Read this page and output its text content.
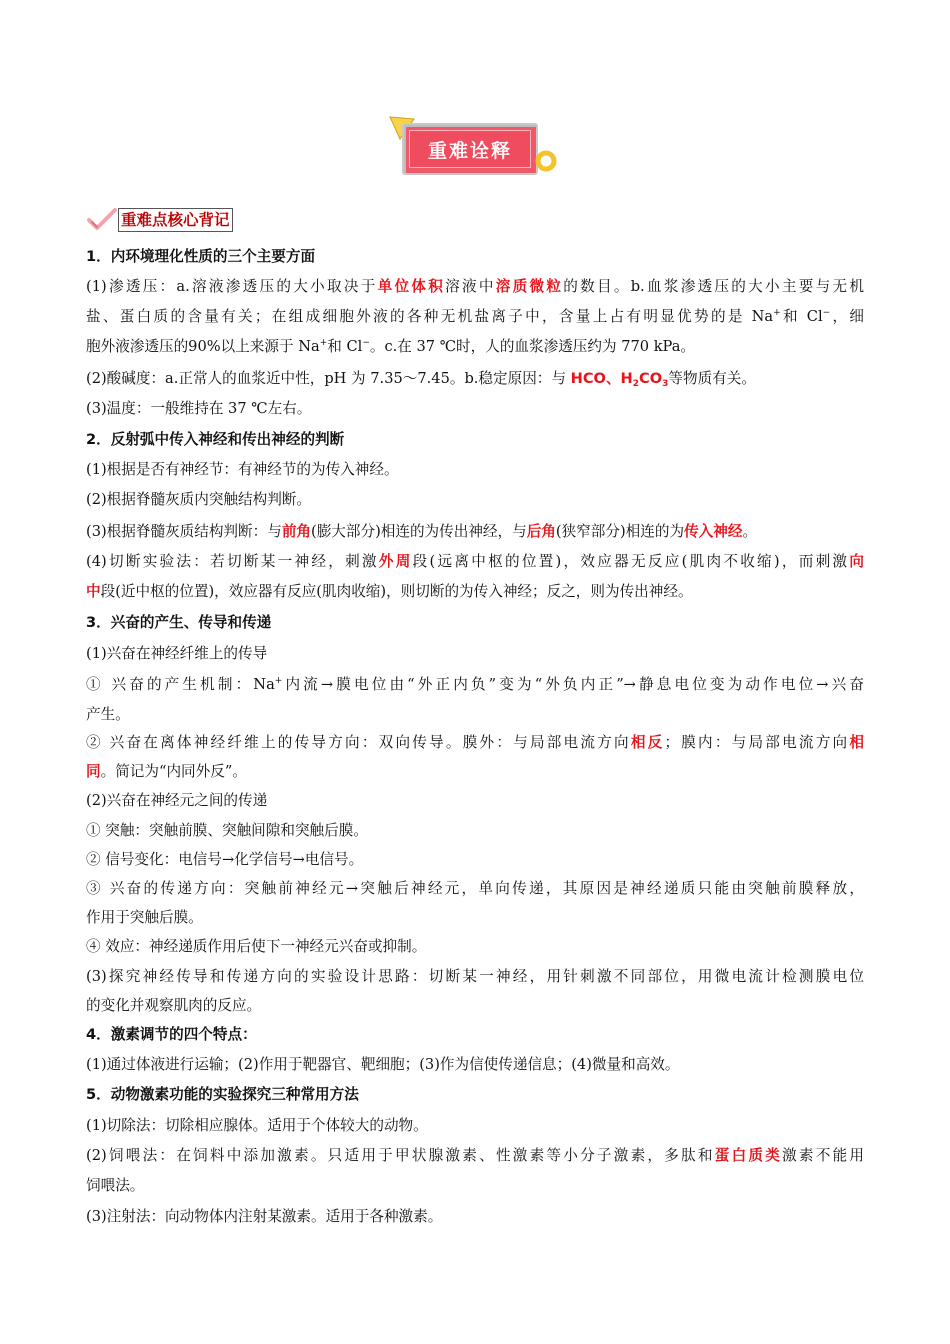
重难诠释
重难点核心背记
1．内环境理化性质的三个主要方面
(1)渗透压：a.溶液渗透压的大小取决于单位体积溶液中溶质微粒的数目。b.血浆渗透压的大小主要与无机
盐、蛋白质的含量有关；在组成细胞外液的各种无机盐离子中，含量上占有明显优势的是 Na+和 Cl−，细
胞外液渗透压的90%以上来源于 Na+和 Cl−。c.在 37 ℃时，人的血浆渗透压约为 770 kPa。
(2)酸碱度：a.正常人的血浆近中性，pH 为 7.35～7.45。b.稳定原因：与 HCO、$H_2CO_3$等物质有关。
(3)温度：一般维持在 37 ℃左右。
2．反射弧中传入神经和传出神经的判断
(1)根据是否有神经节：有神经节的为传入神经。
(2)根据脊髓灰质内突触结构判断。
(3)根据脊髓灰质结构判断：与前角(膨大部分)相连的为传出神经，与后角(狭窄部分)相连的为传入神经。
(4)切断实验法：若切断某一神经，刺激外周段(远离中枢的位置)，效应器无反应(肌肉不收缩)，而刺激向
中段(近中枢的位置)，效应器有反应(肌肉收缩)，则切断的为传入神经；反之，则为传出神经。
3．兴奋的产生、传导和传递
(1)兴奋在神经纤维上的传导
① 兴奋的产生机制：Na+内流→膜电位由“外正内负”变为“外负内正”→静息电位变为动作电位→兴奋
产生。
② 兴奋在离体神经纤维上的传导方向：双向传导。膜外：与局部电流方向相反；膜内：与局部电流方向相
同。简记为“内同外反”。
(2)兴奋在神经元之间的传递
① 突触：突触前膜、突触间隙和突触后膜。
② 信号变化：电信号→化学信号→电信号。
③ 兴奋的传递方向：突触前神经元→突触后神经元，单向传递，其原因是神经递质只能由突触前膜释放，
作用于突触后膜。
④ 效应：神经递质作用后使下一神经元兴奋或抑制。
(3)探究神经传导和传递方向的实验设计思路：切断某一神经，用针刺激不同部位，用微电流计检测膜电位
的变化并观察肌肉的反应。
4．激素调节的四个特点：
(1)通过体液进行运输；(2)作用于靶器官、靶细胞；(3)作为信使传递信息；(4)微量和高效。
5．动物激素功能的实验探究三种常用方法
(1)切除法：切除相应腺体。适用于个体较大的动物。
(2)饲喂法：在饲料中添加激素。只适用于甲状腺激素、性激素等小分子激素，多肽和蛋白质类激素不能用
饲喂法。
(3)注射法：向动物体内注射某激素。适用于各种激素。
